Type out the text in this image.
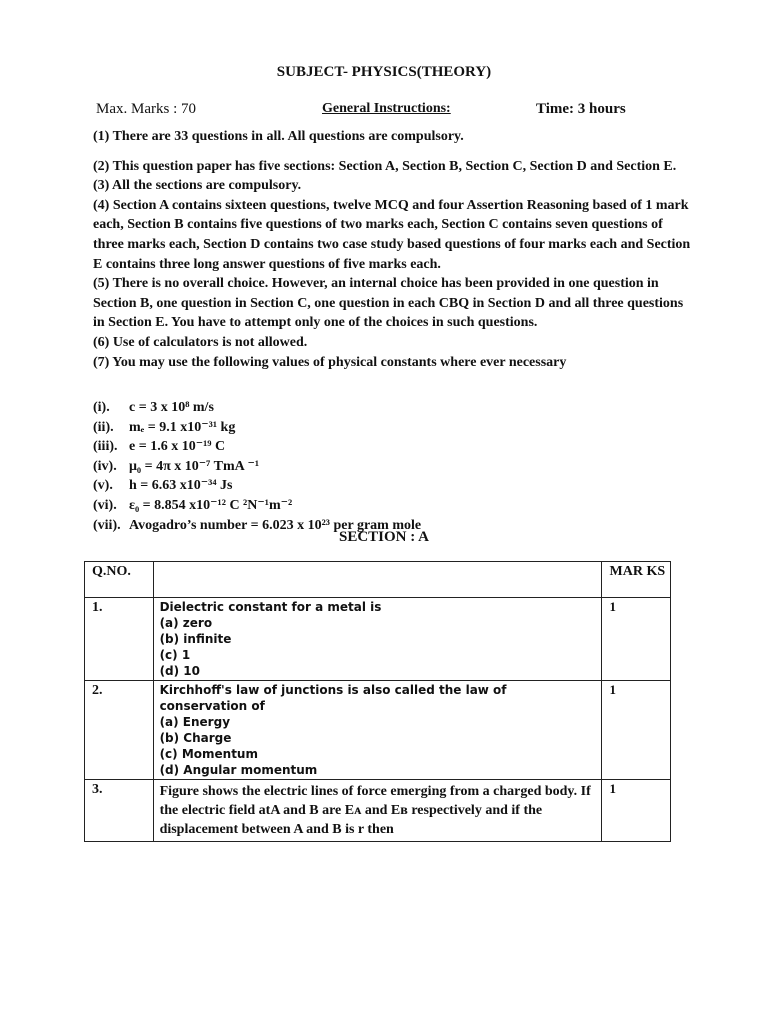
SUBJECT- PHYSICS(THEORY)
Max. Marks : 70	General Instructions:	Time: 3 hours

(1) There are 33 questions in all. All questions are compulsory.

(2) This question paper has five sections: Section A, Section B, Section C, Section D and Section E.

(3) All the sections are compulsory.

(4) Section A contains sixteen questions, twelve MCQ and four Assertion Reasoning based of 1 mark each, Section B contains five questions of two marks each, Section C contains seven questions of three marks each, Section D contains two case study based questions of four marks each and Section E contains three long answer questions of five marks each.

(5) There is no overall choice. However, an internal choice has been provided in one question in Section B, one question in Section C, one question in each CBQ in Section D and all three questions in Section E. You have to attempt only one of the choices in such questions.

(6) Use of calculators is not allowed.

(7) You may use the following values of physical constants where ever necessary

(i).	c = 3 x 10⁸ m/s
(ii).	mₑ = 9.1 x10⁻³¹ kg
(iii). e = 1.6 x 10⁻¹⁹ C
(iv). μ₀ = 4π x 10⁻⁷ TmA ⁻¹
(v).	h = 6.63 x10⁻³⁴ Js
(vi). ε₀ = 8.854 x10⁻¹² C ²N⁻¹m⁻²
(vii). Avogadro’s number = 6.023 x 10²³ per gram mole
SECTION : A
Q.NO.		MAR KS
1.	Dielectric constant for a metal is
(a) zero
(b) infinite
(c) 1
(d) 10	1
2.	Kirchhoff's law of junctions is also called the law of conservation of
(a) Energy
(b) Charge
(c) Momentum
(d) Angular momentum	1
3.	Figure shows the electric lines of force emerging from a charged body. If the electric field atA and B are Eᴀ and Eʙ respectively and if the displacement between A and B is r then	1
